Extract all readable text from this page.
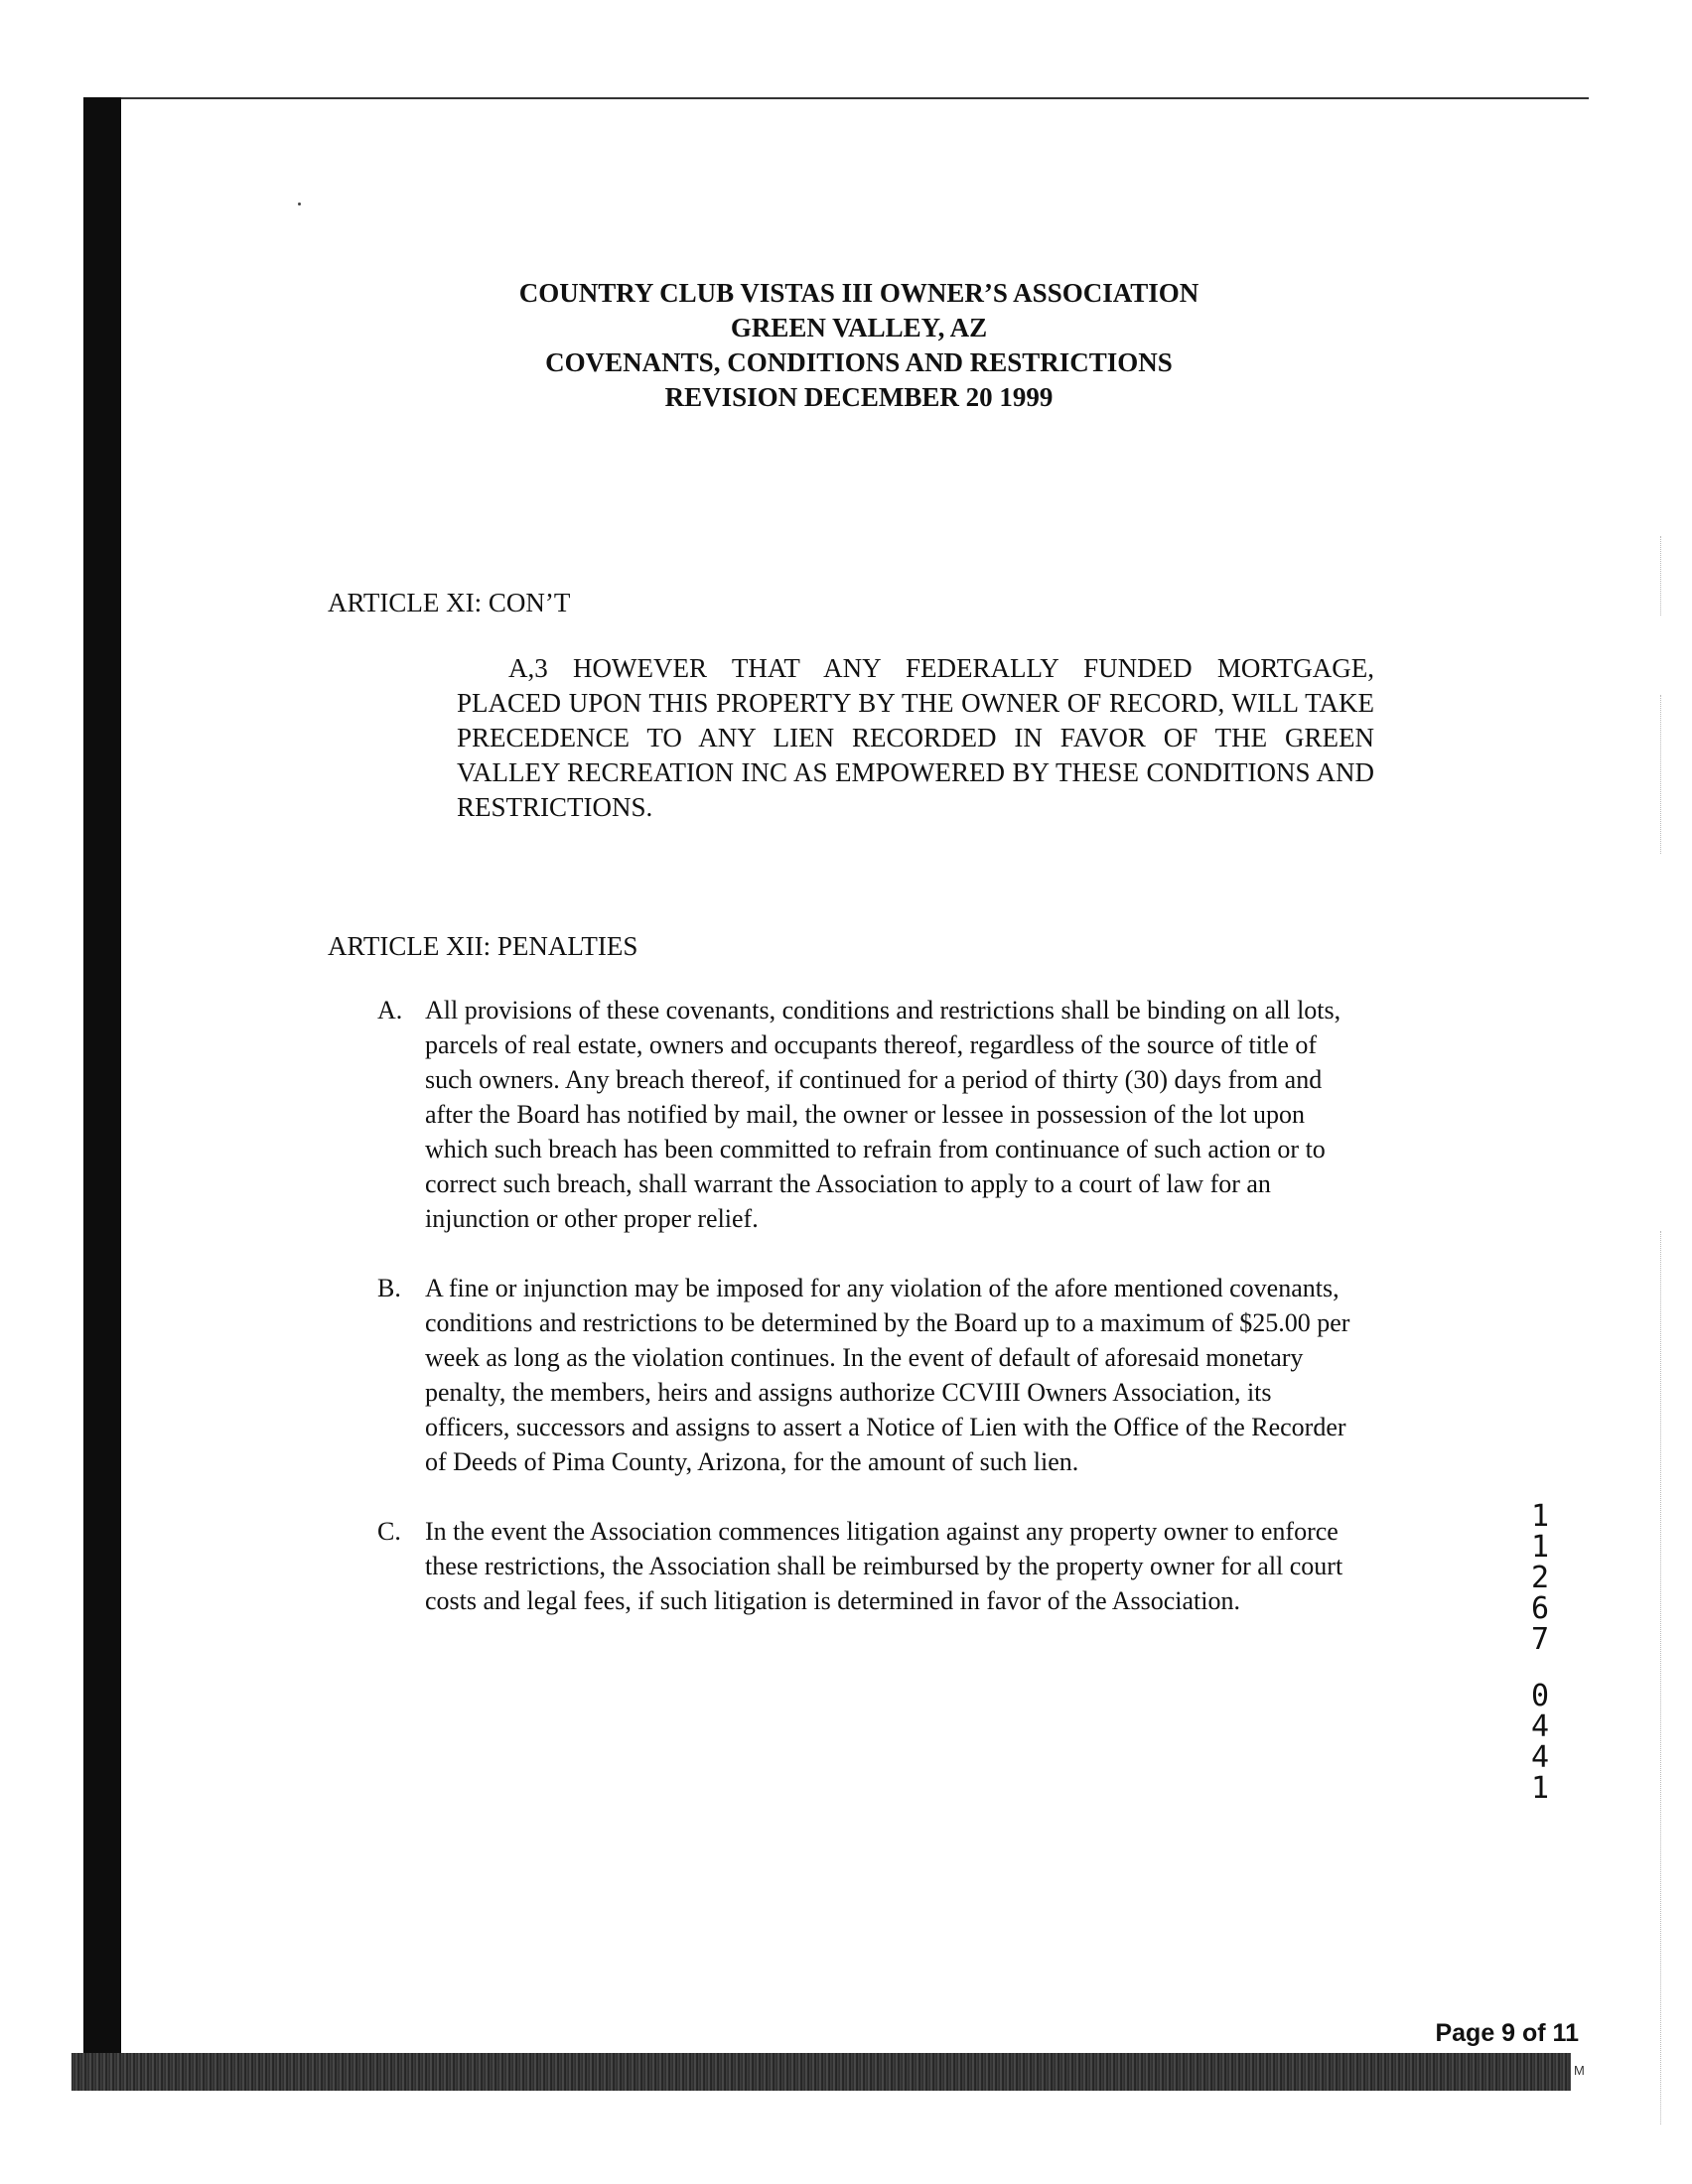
COUNTRY CLUB VISTAS III OWNER’S ASSOCIATION
GREEN VALLEY, AZ
COVENANTS, CONDITIONS AND RESTRICTIONS
REVISION DECEMBER 20 1999
ARTICLE XI: CON’T
A,3 HOWEVER THAT ANY FEDERALLY FUNDED MORTGAGE, PLACED UPON THIS PROPERTY BY THE OWNER OF RECORD, WILL TAKE PRECEDENCE TO ANY LIEN RECORDED IN FAVOR OF THE GREEN VALLEY RECREATION INC AS EMPOWERED BY THESE CONDITIONS AND RESTRICTIONS.
ARTICLE XII: PENALTIES
A. All provisions of these covenants, conditions and restrictions shall be binding on all lots, parcels of real estate, owners and occupants thereof, regardless of the source of title of such owners. Any breach thereof, if continued for a period of thirty (30) days from and after the Board has notified by mail, the owner or lessee in possession of the lot upon which such breach has been committed to refrain from continuance of such action or to correct such breach, shall warrant the Association to apply to a court of law for an injunction or other proper relief.
B. A fine or injunction may be imposed for any violation of the afore mentioned covenants, conditions and restrictions to be determined by the Board up to a maximum of $25.00 per week as long as the violation continues. In the event of default of aforesaid monetary penalty, the members, heirs and assigns authorize CCVIII Owners Association, its officers, successors and assigns to assert a Notice of Lien with the Office of the Recorder of Deeds of Pima County, Arizona, for the amount of such lien.
C. In the event the Association commences litigation against any property owner to enforce these restrictions, the Association shall be reimbursed by the property owner for all court costs and legal fees, if such litigation is determined in favor of the Association.
1
1
2
6
7
0
4
4
1
Page 9 of 11
M
